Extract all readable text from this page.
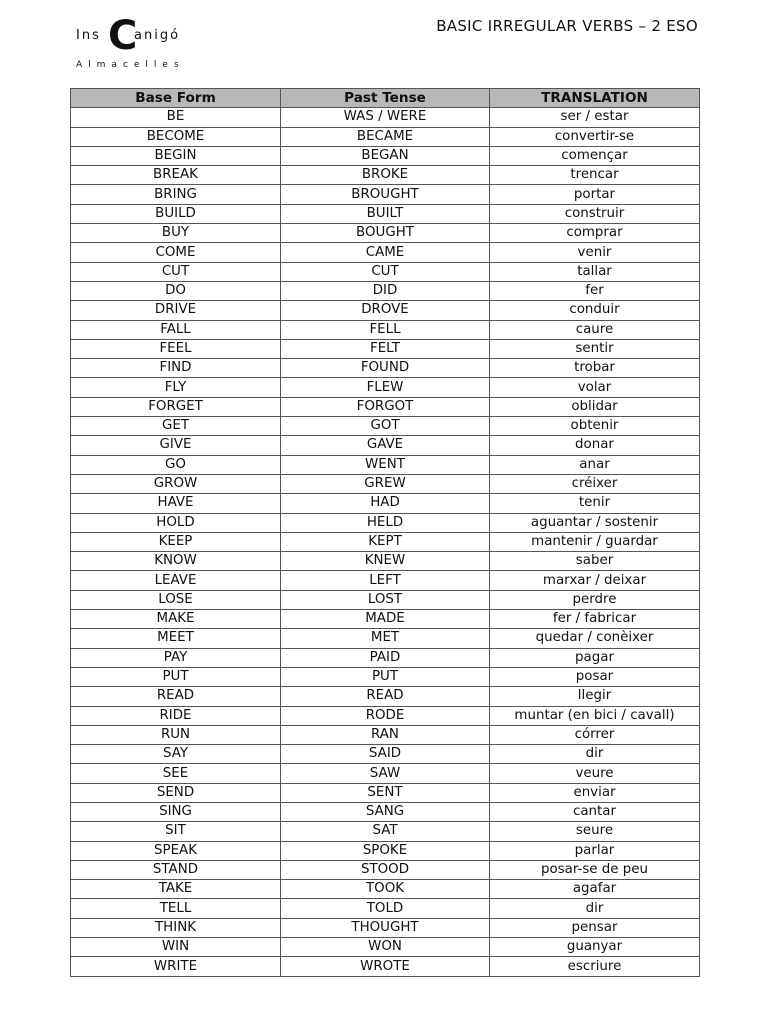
Ins C
anigó
Almacelles
BASIC IRREGULAR VERBS – 2 ESO
Base Form	Past Tense	TRANSLATION
BE	WAS / WERE	ser / estar
BECOME	BECAME	convertir-se
BEGIN	BEGAN	començar
BREAK	BROKE	trencar
BRING	BROUGHT	portar
BUILD	BUILT	construir
BUY	BOUGHT	comprar
COME	CAME	venir
CUT	CUT	tallar
DO	DID	fer
DRIVE	DROVE	conduir
FALL	FELL	caure
FEEL	FELT	sentir
FIND	FOUND	trobar
FLY	FLEW	volar
FORGET	FORGOT	oblidar
GET	GOT	obtenir
GIVE	GAVE	donar
GO	WENT	anar
GROW	GREW	créixer
HAVE	HAD	tenir
HOLD	HELD	aguantar / sostenir
KEEP	KEPT	mantenir / guardar
KNOW	KNEW	saber
LEAVE	LEFT	marxar / deixar
LOSE	LOST	perdre
MAKE	MADE	fer / fabricar
MEET	MET	quedar / conèixer
PAY	PAID	pagar
PUT	PUT	posar
READ	READ	llegir
RIDE	RODE	muntar (en bici / cavall)
RUN	RAN	córrer
SAY	SAID	dir
SEE	SAW	veure
SEND	SENT	enviar
SING	SANG	cantar
SIT	SAT	seure
SPEAK	SPOKE	parlar
STAND	STOOD	posar-se de peu
TAKE	TOOK	agafar
TELL	TOLD	dir
THINK	THOUGHT	pensar
WIN	WON	guanyar
WRITE	WROTE	escriure
